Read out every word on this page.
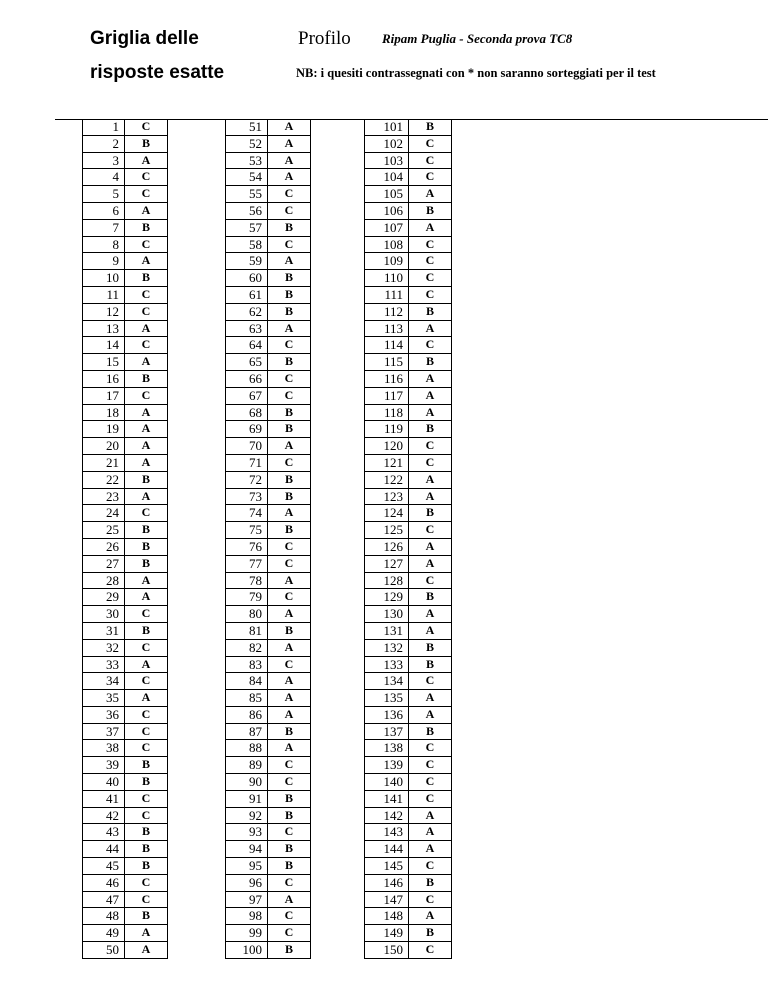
Griglia delle
risposte esatte
Profilo Ripam Puglia - Seconda prova TC8
NB: i quesiti contrassegnati con * non saranno sorteggiati per il test
1	C
2	B
3	A
4	C
5	C
6	A
7	B
8	C
9	A
10	B
11	C
12	C
13	A
14	C
15	A
16	B
17	C
18	A
19	A
20	A
21	A
22	B
23	A
24	C
25	B
26	B
27	B
28	A
29	A
30	C
31	B
32	C
33	A
34	C
35	A
36	C
37	C
38	C
39	B
40	B
41	C
42	C
43	B
44	B
45	B
46	C
47	C
48	B
49	A
50	A
51	A
52	A
53	A
54	A
55	C
56	C
57	B
58	C
59	A
60	B
61	B
62	B
63	A
64	C
65	B
66	C
67	C
68	B
69	B
70	A
71	C
72	B
73	B
74	A
75	B
76	C
77	C
78	A
79	C
80	A
81	B
82	A
83	C
84	A
85	A
86	A
87	B
88	A
89	C
90	C
91	B
92	B
93	C
94	B
95	B
96	C
97	A
98	C
99	C
100	B
101	B
102	C
103	C
104	C
105	A
106	B
107	A
108	C
109	C
110	C
111	C
112	B
113	A
114	C
115	B
116	A
117	A
118	A
119	B
120	C
121	C
122	A
123	A
124	B
125	C
126	A
127	A
128	C
129	B
130	A
131	A
132	B
133	B
134	C
135	A
136	A
137	B
138	C
139	C
140	C
141	C
142	A
143	A
144	A
145	C
146	B
147	C
148	A
149	B
150	C
